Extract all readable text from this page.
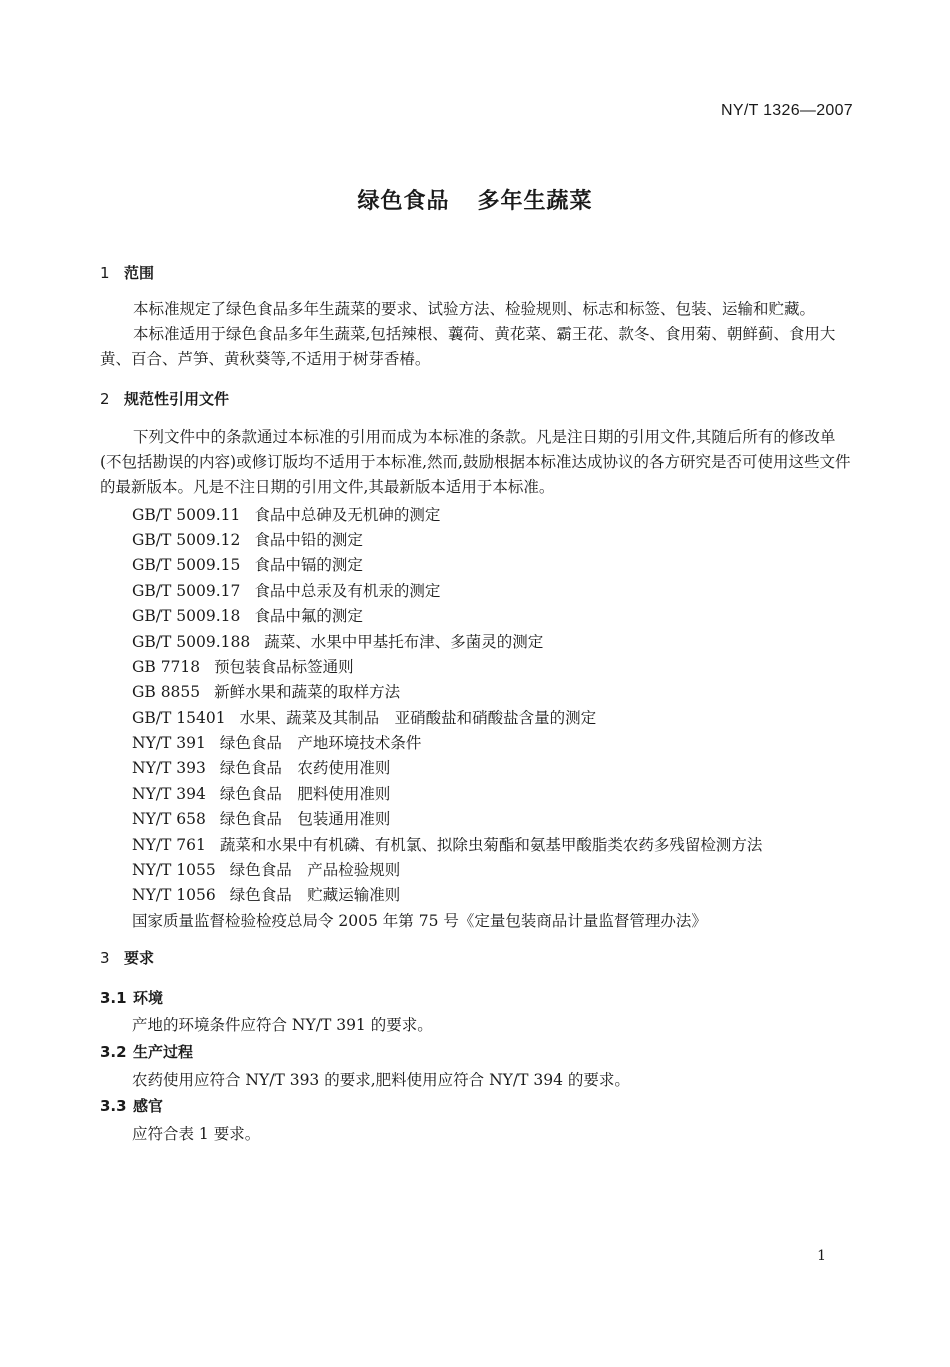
NY/T 1326—2007
绿色食品 多年生蔬菜
1 范围
本标准规定了绿色食品多年生蔬菜的要求、试验方法、检验规则、标志和标签、包装、运输和贮藏。
本标准适用于绿色食品多年生蔬菜,包括辣根、蘘荷、黄花菜、霸王花、款冬、食用菊、朝鲜蓟、食用大黄、百合、芦笋、黄秋葵等,不适用于树芽香椿。
2 规范性引用文件
下列文件中的条款通过本标准的引用而成为本标准的条款。凡是注日期的引用文件,其随后所有的修改单(不包括勘误的内容)或修订版均不适用于本标准,然而,鼓励根据本标准达成协议的各方研究是否可使用这些文件的最新版本。凡是不注日期的引用文件,其最新版本适用于本标准。
GB/T 5009.11 食品中总砷及无机砷的测定
GB/T 5009.12 食品中铅的测定
GB/T 5009.15 食品中镉的测定
GB/T 5009.17 食品中总汞及有机汞的测定
GB/T 5009.18 食品中氟的测定
GB/T 5009.188 蔬菜、水果中甲基托布津、多菌灵的测定
GB 7718 预包装食品标签通则
GB 8855 新鲜水果和蔬菜的取样方法
GB/T 15401 水果、蔬菜及其制品　亚硝酸盐和硝酸盐含量的测定
NY/T 391 绿色食品　产地环境技术条件
NY/T 393 绿色食品　农药使用准则
NY/T 394 绿色食品　肥料使用准则
NY/T 658 绿色食品　包装通用准则
NY/T 761 蔬菜和水果中有机磷、有机氯、拟除虫菊酯和氨基甲酸脂类农药多残留检测方法
NY/T 1055 绿色食品　产品检验规则
NY/T 1056 绿色食品　贮藏运输准则
国家质量监督检验检疫总局令 2005 年第 75 号《定量包装商品计量监督管理办法》
3 要求
3.1 环境
产地的环境条件应符合 NY/T 391 的要求。
3.2 生产过程
农药使用应符合 NY/T 393 的要求,肥料使用应符合 NY/T 394 的要求。
3.3 感官
应符合表 1 要求。
1
